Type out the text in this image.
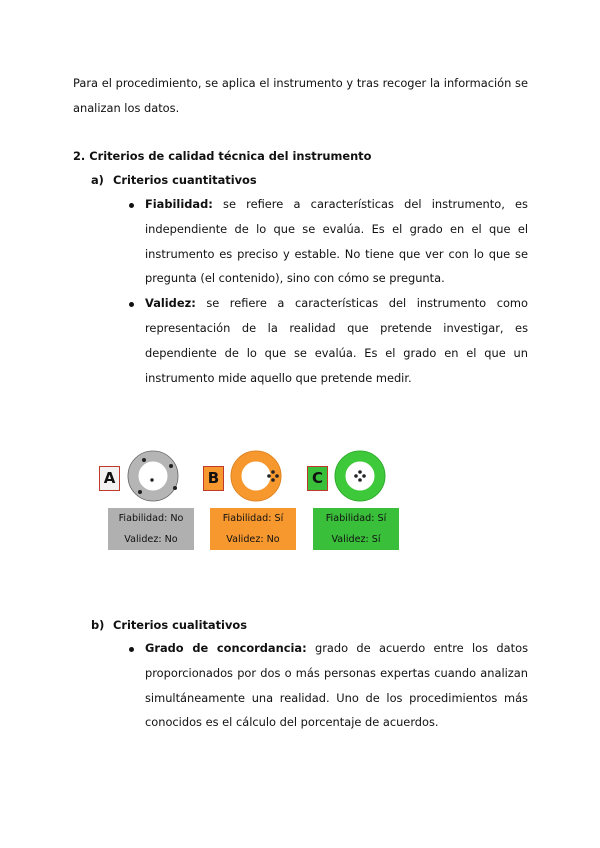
Para el procedimiento, se aplica el instrumento y tras recoger la información se analizan los datos.

2. Criterios de calidad técnica del instrumento
a) Criterios cuantitativos
Fiabilidad: se refiere a características del instrumento, es independiente de lo que se evalúa. Es el grado en el que el instrumento es preciso y estable. No tiene que ver con lo que se pregunta (el contenido), sino con cómo se pregunta.
Validez: se refiere a características del instrumento como representación de la realidad que pretende investigar, es dependiente de lo que se evalúa. Es el grado en el que un instrumento mide aquello que pretende medir.
A
Fiabilidad: No
Validez: No
B
Fiabilidad: Sí
Validez: No
C
Fiabilidad: Sí
Validez: Sí
b) Criterios cualitativos
Grado de concordancia: grado de acuerdo entre los datos proporcionados por dos o más personas expertas cuando analizan simultáneamente una realidad. Uno de los procedimientos más conocidos es el cálculo del porcentaje de acuerdos.
